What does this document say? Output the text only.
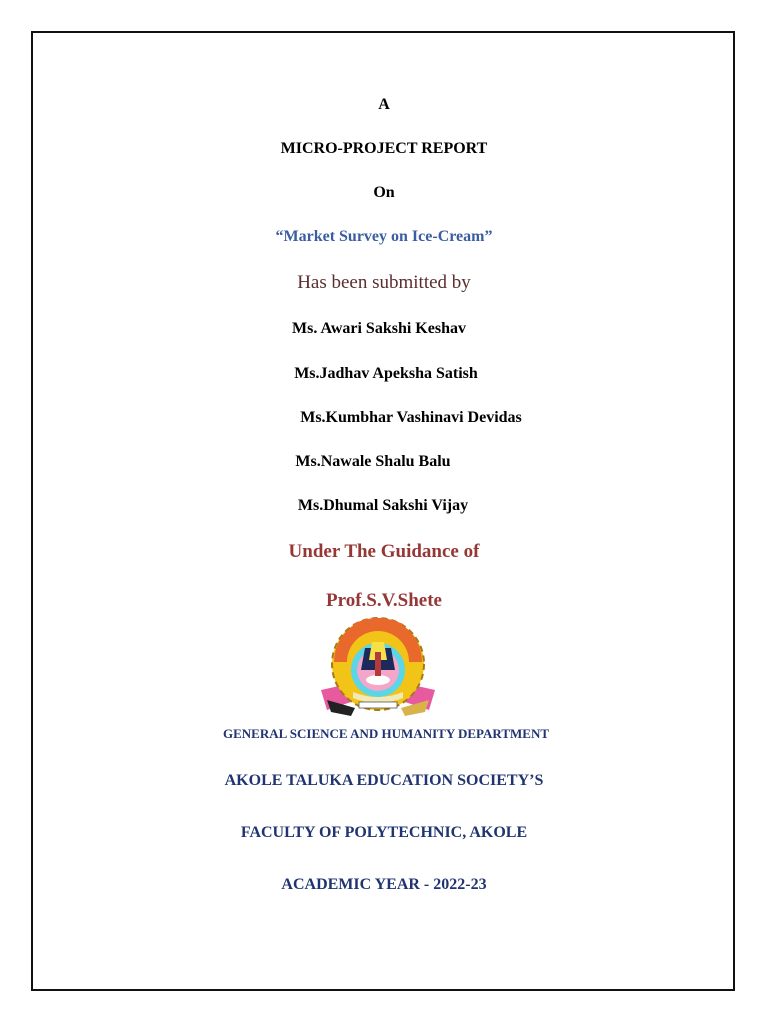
A
MICRO-PROJECT REPORT
On
“Market Survey on Ice-Cream”
Has been submitted by
Ms. Awari Sakshi Keshav
Ms.Jadhav Apeksha Satish
Ms.Kumbhar Vashinavi Devidas
Ms.Nawale Shalu Balu
Ms.Dhumal Sakshi Vijay
Under The Guidance of
Prof.S.V.Shete
GENERAL SCIENCE AND HUMANITY DEPARTMENT
AKOLE TALUKA EDUCATION SOCIETY’S
FACULTY OF POLYTECHNIC, AKOLE
ACADEMIC YEAR - 2022-23
